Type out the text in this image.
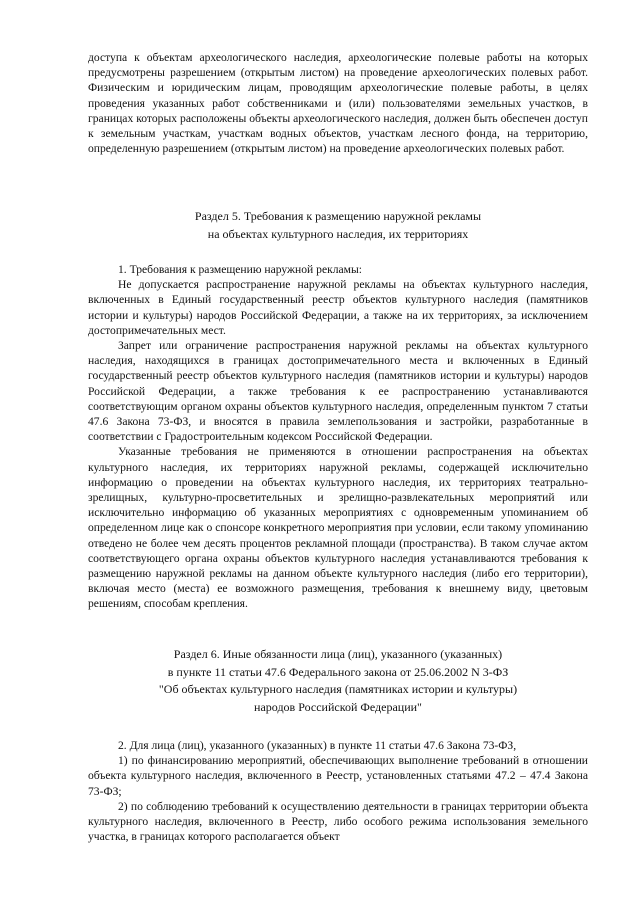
доступа к объектам археологического наследия, археологические полевые работы на которых предусмотрены разрешением (открытым листом) на проведение археологических полевых работ. Физическим и юридическим лицам, проводящим археологические полевые работы, в целях проведения указанных работ собственниками и (или) пользователями земельных участков, в границах которых расположены объекты археологического наследия, должен быть обеспечен доступ к земельным участкам, участкам водных объектов, участкам лесного фонда, на территорию, определенную разрешением (открытым листом) на проведение археологических полевых работ.

Раздел 5. Требования к размещению наружной рекламы
на объектах культурного наследия, их территориях

1. Требования к размещению наружной рекламы:

Не допускается распространение наружной рекламы на объектах культурного наследия, включенных в Единый государственный реестр объектов культурного наследия (памятников истории и культуры) народов Российской Федерации, а также на их территориях, за исключением достопримечательных мест.

Запрет или ограничение распространения наружной рекламы на объектах культурного наследия, находящихся в границах достопримечательного места и включенных в Единый государственный реестр объектов культурного наследия (памятников истории и культуры) народов Российской Федерации, а также требования к ее распространению устанавливаются соответствующим органом охраны объектов культурного наследия, определенным пунктом 7 статьи 47.6 Закона 73-ФЗ, и вносятся в правила землепользования и застройки, разработанные в соответствии с Градостроительным кодексом Российской Федерации.

Указанные требования не применяются в отношении распространения на объектах культурного наследия, их территориях наружной рекламы, содержащей исключительно информацию о проведении на объектах культурного наследия, их территориях театрально-зрелищных, культурно-просветительных и зрелищно-развлекательных мероприятий или исключительно информацию об указанных мероприятиях с одновременным упоминанием об определенном лице как о спонсоре конкретного мероприятия при условии, если такому упоминанию отведено не более чем десять процентов рекламной площади (пространства). В таком случае актом соответствующего органа охраны объектов культурного наследия устанавливаются требования к размещению наружной рекламы на данном объекте культурного наследия (либо его территории), включая место (места) ее возможного размещения, требования к внешнему виду, цветовым решениям, способам крепления.

Раздел 6. Иные обязанности лица (лиц), указанного (указанных)
в пункте 11 статьи 47.6 Федерального закона от 25.06.2002 N 3-ФЗ
"Об объектах культурного наследия (памятниках истории и культуры)
народов Российской Федерации"

2. Для лица (лиц), указанного (указанных) в пункте 11 статьи 47.6 Закона 73-ФЗ,

1) по финансированию мероприятий, обеспечивающих выполнение требований в отношении объекта культурного наследия, включенного в Реестр, установленных статьями 47.2 – 47.4 Закона 73-ФЗ;

2) по соблюдению требований к осуществлению деятельности в границах территории объекта культурного наследия, включенного в Реестр, либо особого режима использования земельного участка, в границах которого располагается объект
